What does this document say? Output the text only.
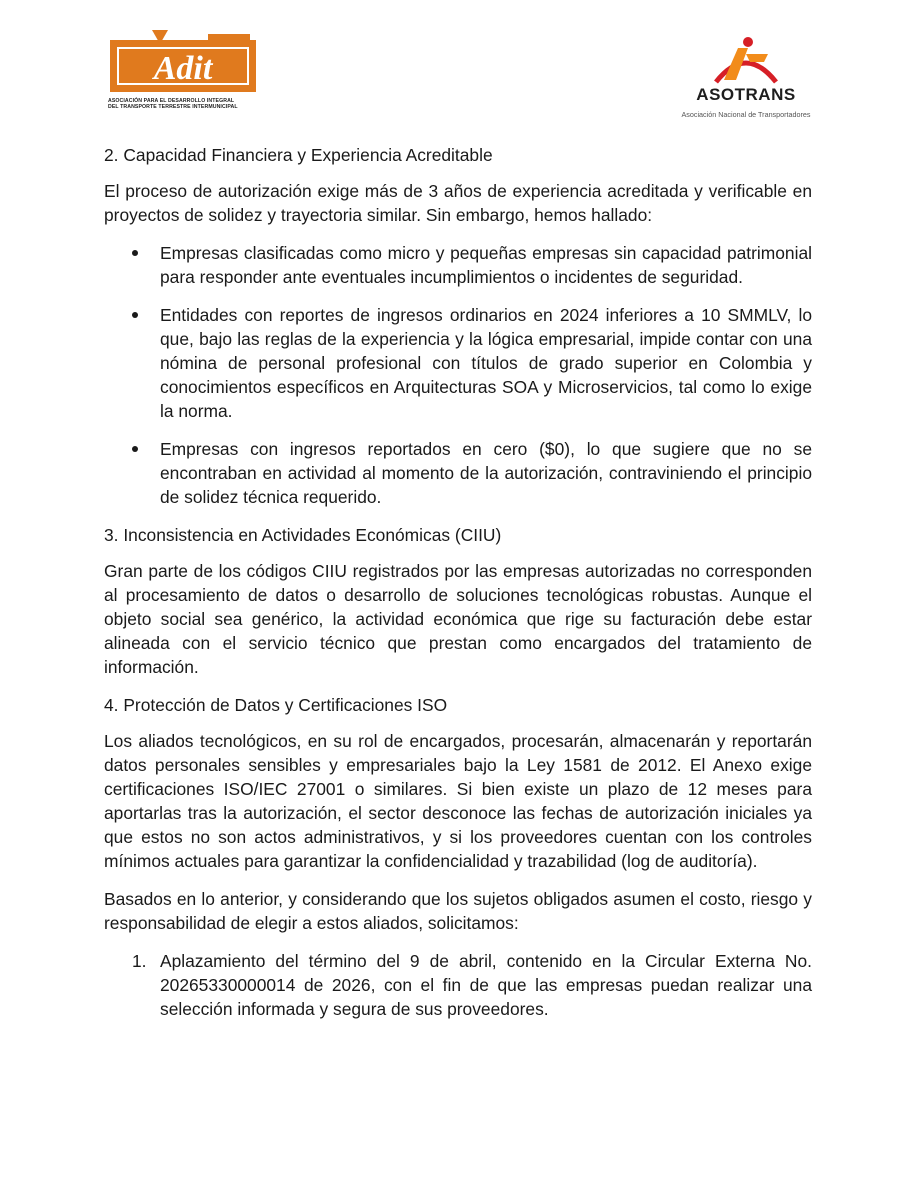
Adit
ASOCIACIÓN PARA EL DESARROLLO INTEGRAL
DEL TRANSPORTE TERRESTRE INTERMUNICIPAL
ASOTRANS
Asociación Nacional de Transportadores

2. Capacidad Financiera y Experiencia Acreditable

El proceso de autorización exige más de 3 años de experiencia acreditada y verificable en proyectos de solidez y trayectoria similar. Sin embargo, hemos hallado:

Empresas clasificadas como micro y pequeñas empresas sin capacidad patrimonial para responder ante eventuales incumplimientos o incidentes de seguridad.
Entidades con reportes de ingresos ordinarios en 2024 inferiores a 10 SMMLV, lo que, bajo las reglas de la experiencia y la lógica empresarial, impide contar con una nómina de personal profesional con títulos de grado superior en Colombia y conocimientos específicos en Arquitecturas SOA y Microservicios, tal como lo exige la norma.
Empresas con ingresos reportados en cero ($0), lo que sugiere que no se encontraban en actividad al momento de la autorización, contraviniendo el principio de solidez técnica requerido.

3. Inconsistencia en Actividades Económicas (CIIU)

Gran parte de los códigos CIIU registrados por las empresas autorizadas no corresponden al procesamiento de datos o desarrollo de soluciones tecnológicas robustas. Aunque el objeto social sea genérico, la actividad económica que rige su facturación debe estar alineada con el servicio técnico que prestan como encargados del tratamiento de información.

4. Protección de Datos y Certificaciones ISO

Los aliados tecnológicos, en su rol de encargados, procesarán, almacenarán y reportarán datos personales sensibles y empresariales bajo la Ley 1581 de 2012. El Anexo exige certificaciones ISO/IEC 27001 o similares. Si bien existe un plazo de 12 meses para aportarlas tras la autorización, el sector desconoce las fechas de autorización iniciales ya que estos no son actos administrativos, y si los proveedores cuentan con los controles mínimos actuales para garantizar la confidencialidad y trazabilidad (log de auditoría).

Basados en lo anterior, y considerando que los sujetos obligados asumen el costo, riesgo y responsabilidad de elegir a estos aliados, solicitamos:

1. Aplazamiento del término del 9 de abril, contenido en la Circular Externa No. 20265330000014 de 2026, con el fin de que las empresas puedan realizar una selección informada y segura de sus proveedores.
